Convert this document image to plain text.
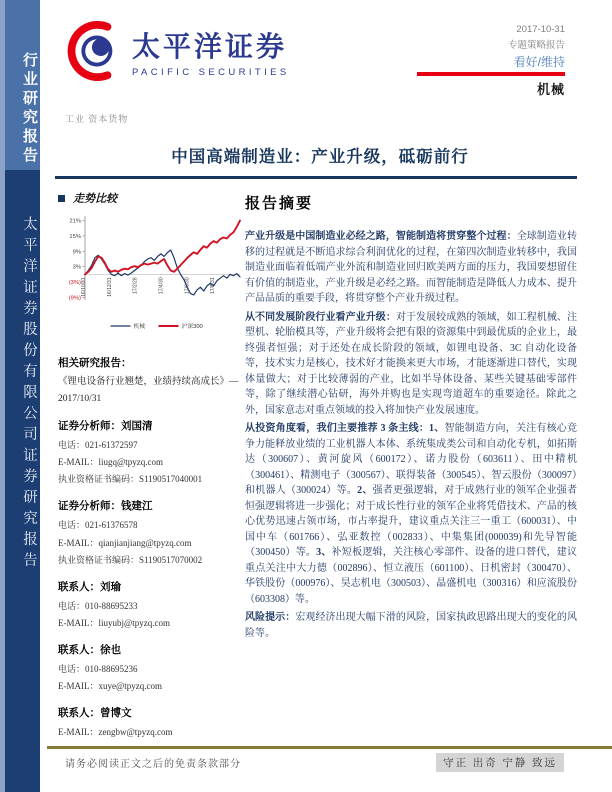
行业研究报告
太平洋证券股份有限公司证券研究报告
太平洋证券
PACIFIC SECURITIES
2017-10-31
专题策略报告
看好/维持
机械
工业 资本货物
中国高端制造业：产业升级，砥砺前行
走势比较
21%
15%
9%
3%
(3%)
(9%)
16/10/31	16/12/31	17/2/28	17/4/30	17/6/30	17/8/31
机械	沪深300
相关研究报告：
《锂电设备行业翘楚，业绩持续高成长》—2017/10/31
证券分析师：刘国清
电话：021-61372597
E-MAIL：liugq@tpyzq.com
执业资格证书编码：S1190517040001
证券分析师：钱建江
电话：021-61376578
E-MAIL：qianjianjiang@tpyzq.com
执业资格证书编码：S1190517070002
联系人：刘瑜
电话：010-88695233
E-MAIL：liuyubj@tpyzq.com
联系人：徐也
电话：010-88695236
E-MAIL：xuye@tpyzq.com
联系人：曾博文
E-MAIL：zengbw@tpyzq.com
报告摘要

产业升级是中国制造业必经之路，智能制造将贯穿整个过程：全球制造业转移的过程就是不断追求综合利润优化的过程，在第四次制造业转移中，我国制造业面临着低端产业外流和制造业回归欧美两方面的压力，我国要想留住有价值的制造业，产业升级是必经之路。而智能制造是降低人力成本、提升产品品质的重要手段，将贯穿整个产业升级过程。

从不同发展阶段行业看产业升级：对于发展较成熟的领域，如工程机械、注塑机、轮胎模具等，产业升级将会把有限的资源集中到最优质的企业上，最终强者恒强；对于还处在成长阶段的领域，如锂电设备、3C 自动化设备等，技术实力是核心，技术好才能换来更大市场，才能逐渐进口替代，实现体量做大；对于比较薄弱的产业，比如半导体设备、某些关键基础零部件等，除了继续潜心钻研，海外并购也是实现弯道超车的重要途径。除此之外，国家意志对重点领域的投入将加快产业发展速度。

从投资角度看，我们主要推荐 3 条主线：1、智能制造方向，关注有核心竞争力能释放业绩的工业机器人本体、系统集成类公司和自动化专机，如拓斯达（300607）、黄河旋风（600172）、诺力股份（603611）、田中精机（300461）、精测电子（300567）、联得装备（300545）、智云股份（300097）和机器人（300024）等。2、强者更强逻辑，对于成熟行业的领军企业强者恒强逻辑将进一步强化；对于成长性行业的领军企业将凭借技术、产品的核心优势迅速占领市场，市占率提升，建议重点关注三一重工（600031）、中国中车（601766）、弘亚数控（002833）、中集集团(000039)和先导智能（300450）等。3、补短板逻辑，关注核心零部件、设备的进口替代，建议重点关注中大力德（002896）、恒立液压（601100）、日机密封（300470）、华铁股份（000976）、昊志机电（300503）、晶盛机电（300316）和应流股份（603308）等。

风险提示：宏观经济出现大幅下滑的风险，国家执政思路出现大的变化的风险等。

请务必阅读正文之后的免责条款部分	守正 出奇 宁静 致远
